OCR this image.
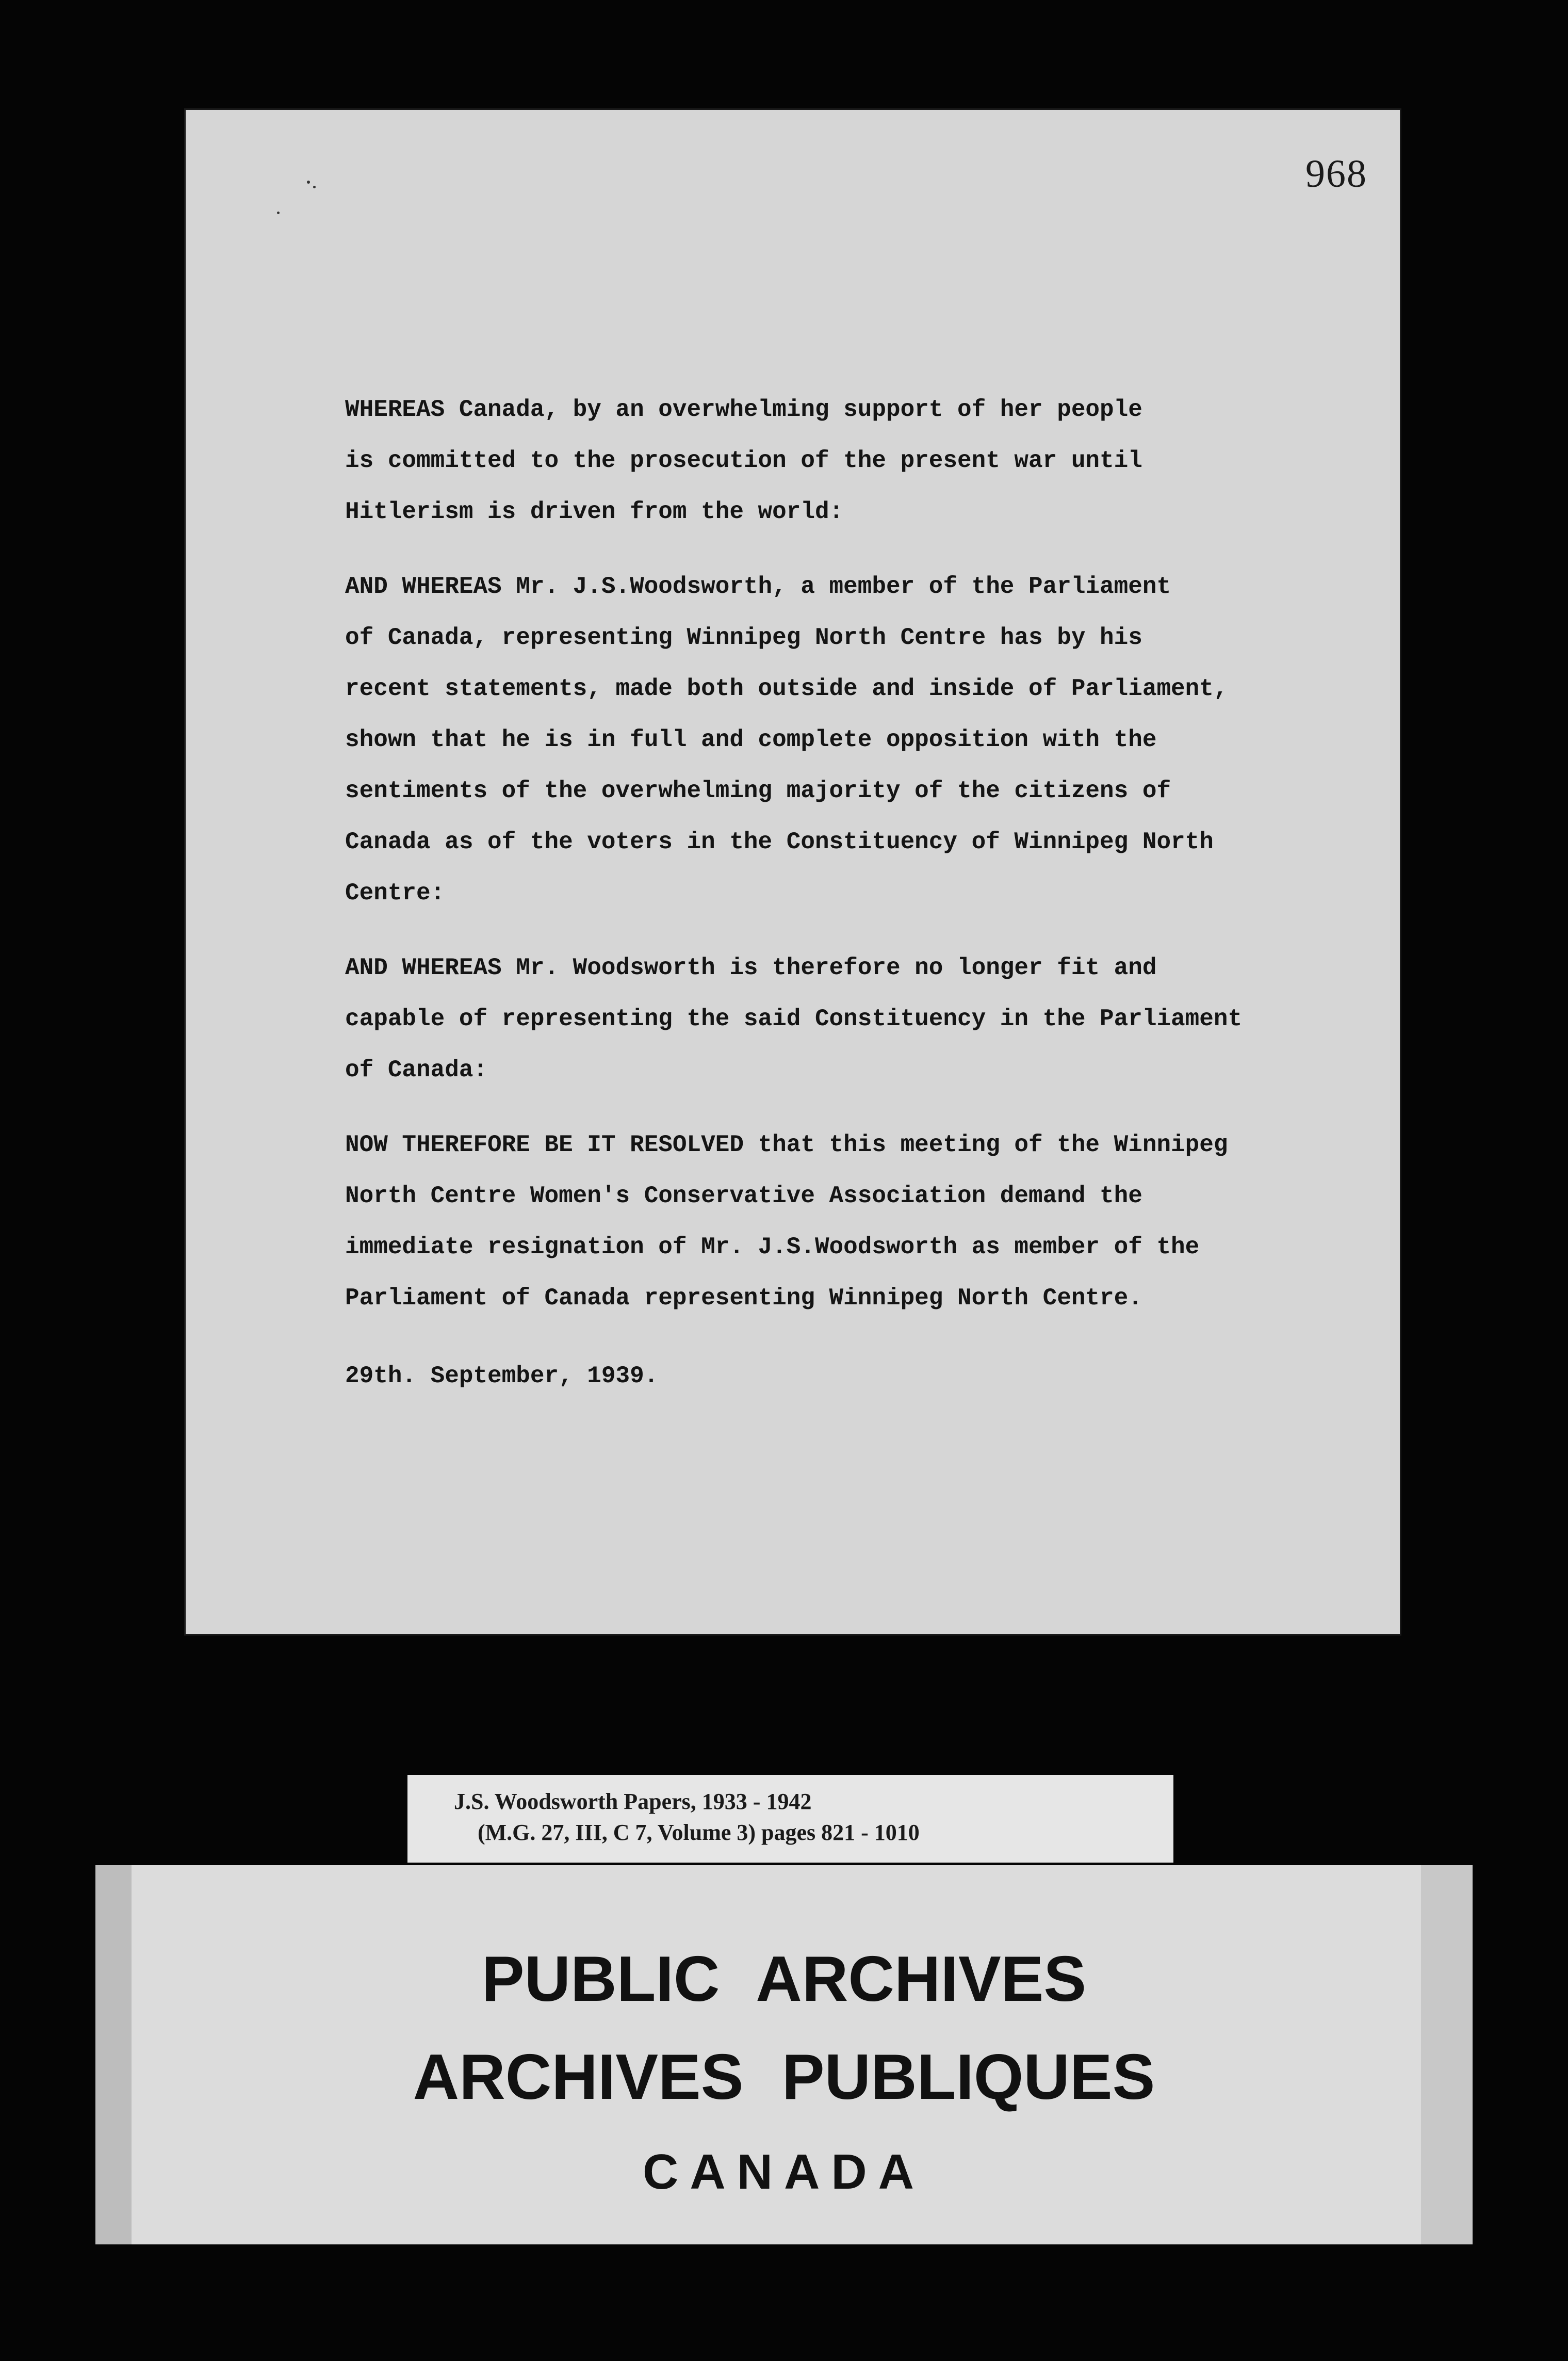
968
WHEREAS Canada, by an overwhelming support of her people
is committed to the prosecution of the present war until
Hitlerism is driven from the world:
AND WHEREAS Mr. J.S.Woodsworth, a member of the Parliament
of Canada, representing Winnipeg North Centre has by his
recent statements, made both outside and inside of Parliament,
shown that he is in full and complete opposition with the
sentiments of the overwhelming majority of the citizens of
Canada as of the voters in the Constituency of Winnipeg North
Centre:
AND WHEREAS Mr. Woodsworth is therefore no longer fit and
capable of representing the said Constituency in the Parliament
of Canada:
NOW THEREFORE BE IT RESOLVED that this meeting of the Winnipeg
North Centre Women's Conservative Association demand the
immediate resignation of Mr. J.S.Woodsworth as member of the
Parliament of Canada representing Winnipeg North Centre.
29th. September, 1939.
J.S. Woodsworth Papers, 1933 - 1942
(M.G. 27, III, C 7, Volume 3) pages 821 - 1010
PUBLIC ARCHIVES
ARCHIVES PUBLIQUES
CANADA
